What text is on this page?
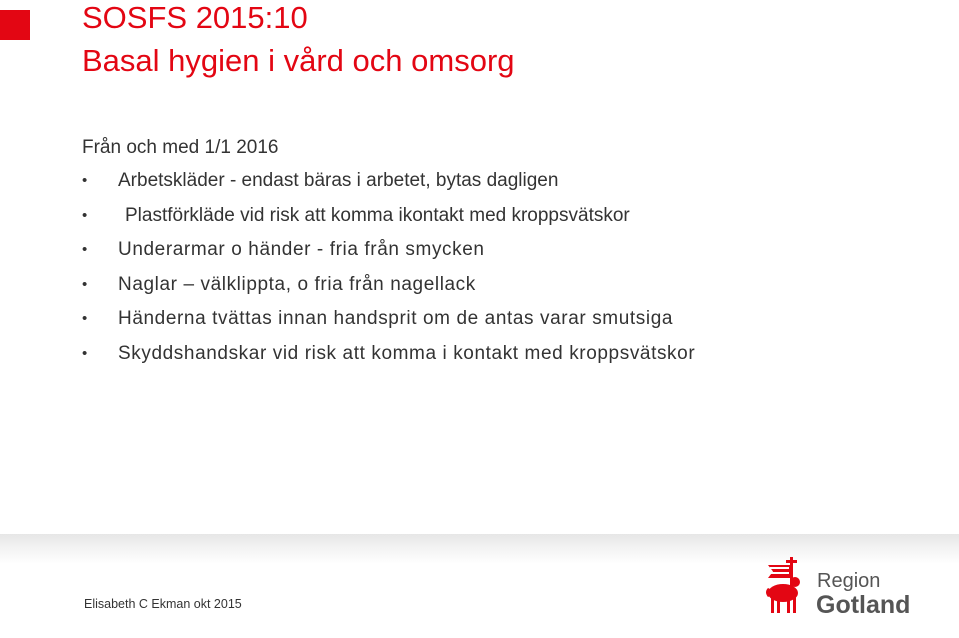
SOSFS 2015:10
Basal hygien i vård och omsorg
Från och med 1/1 2016
• Arbetskläder - endast bäras i arbetet, bytas dagligen
• Plastförkläde vid risk att komma ikontakt med kroppsvätskor
• Underarmar o händer - fria från smycken
• Naglar – välklippta, o fria från nagellack
• Händerna tvättas innan handsprit om de antas varar smutsiga
• Skyddshandskar vid risk att komma i kontakt med kroppsvätskor
Elisabeth C Ekman okt 2015
Region
Gotland
